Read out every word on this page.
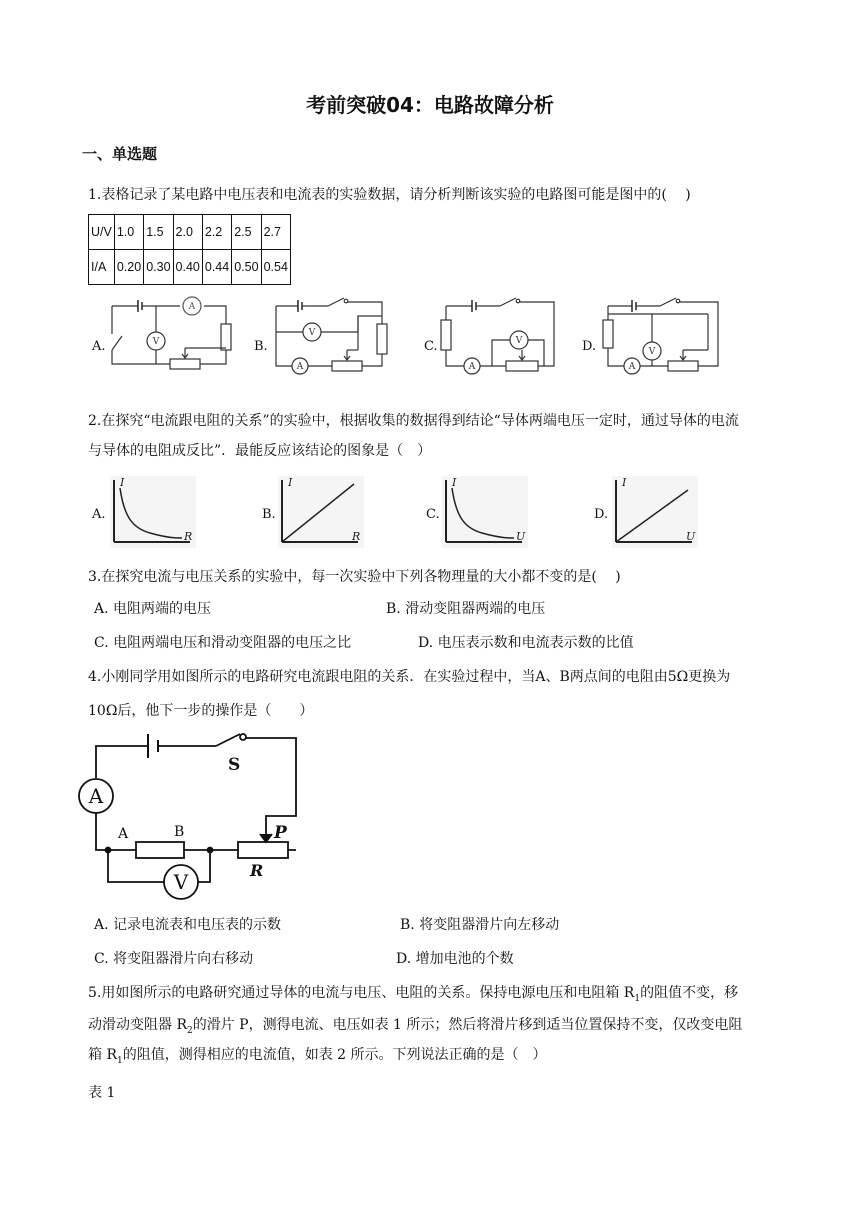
考前突破04：电路故障分析
一、单选题
1.表格记录了某电路中电压表和电流表的实验数据，请分析判断该实验的电路图可能是图中的(　 )
U/V	1.0	1.5	2.0	2.2	2.5	2.7
I/A	0.20	0.30	0.40	0.44	0.50	0.54
A.	B.	C.	D.
A
V
V
A
V
A
V
A
2.在探究“电流跟电阻的关系”的实验中，根据收集的数据得到结论“导体两端电压一定时，通过导体的电流
与导体的电阻成反比”．最能反应该结论的图象是（　）
A.	B.	C.	D.
I
R
I
R
I
U
I
U
3.在探究电流与电压关系的实验中，每一次实验中下列各物理量的大小都不变的是(　 )
A. 电阻两端的电压	B. 滑动变阻器两端的电压
C. 电阻两端电压和滑动变阻器的电压之比	D. 电压表示数和电流表示数的比值
4.小刚同学用如图所示的电路研究电流跟电阻的关系．在实验过程中，当A、B两点间的电阻由5Ω更换为
10Ω后，他下一步的操作是（　　）
A
V
S
A	B	P
R
A. 记录电流表和电压表的示数	B. 将变阻器滑片向左移动
C. 将变阻器滑片向右移动	D. 增加电池的个数
5.用如图所示的电路研究通过导体的电流与电压、电阻的关系。保持电源电压和电阻箱 $R_1$的阻值不变，移
动滑动变阻器 $R_2$的滑片 P，测得电流、电压如表 1 所示；然后将滑片移到适当位置保持不变，仅改变电阻
箱 $R_1$的阻值，测得相应的电流值，如表 2 所示。下列说法正确的是（　）
表 1
